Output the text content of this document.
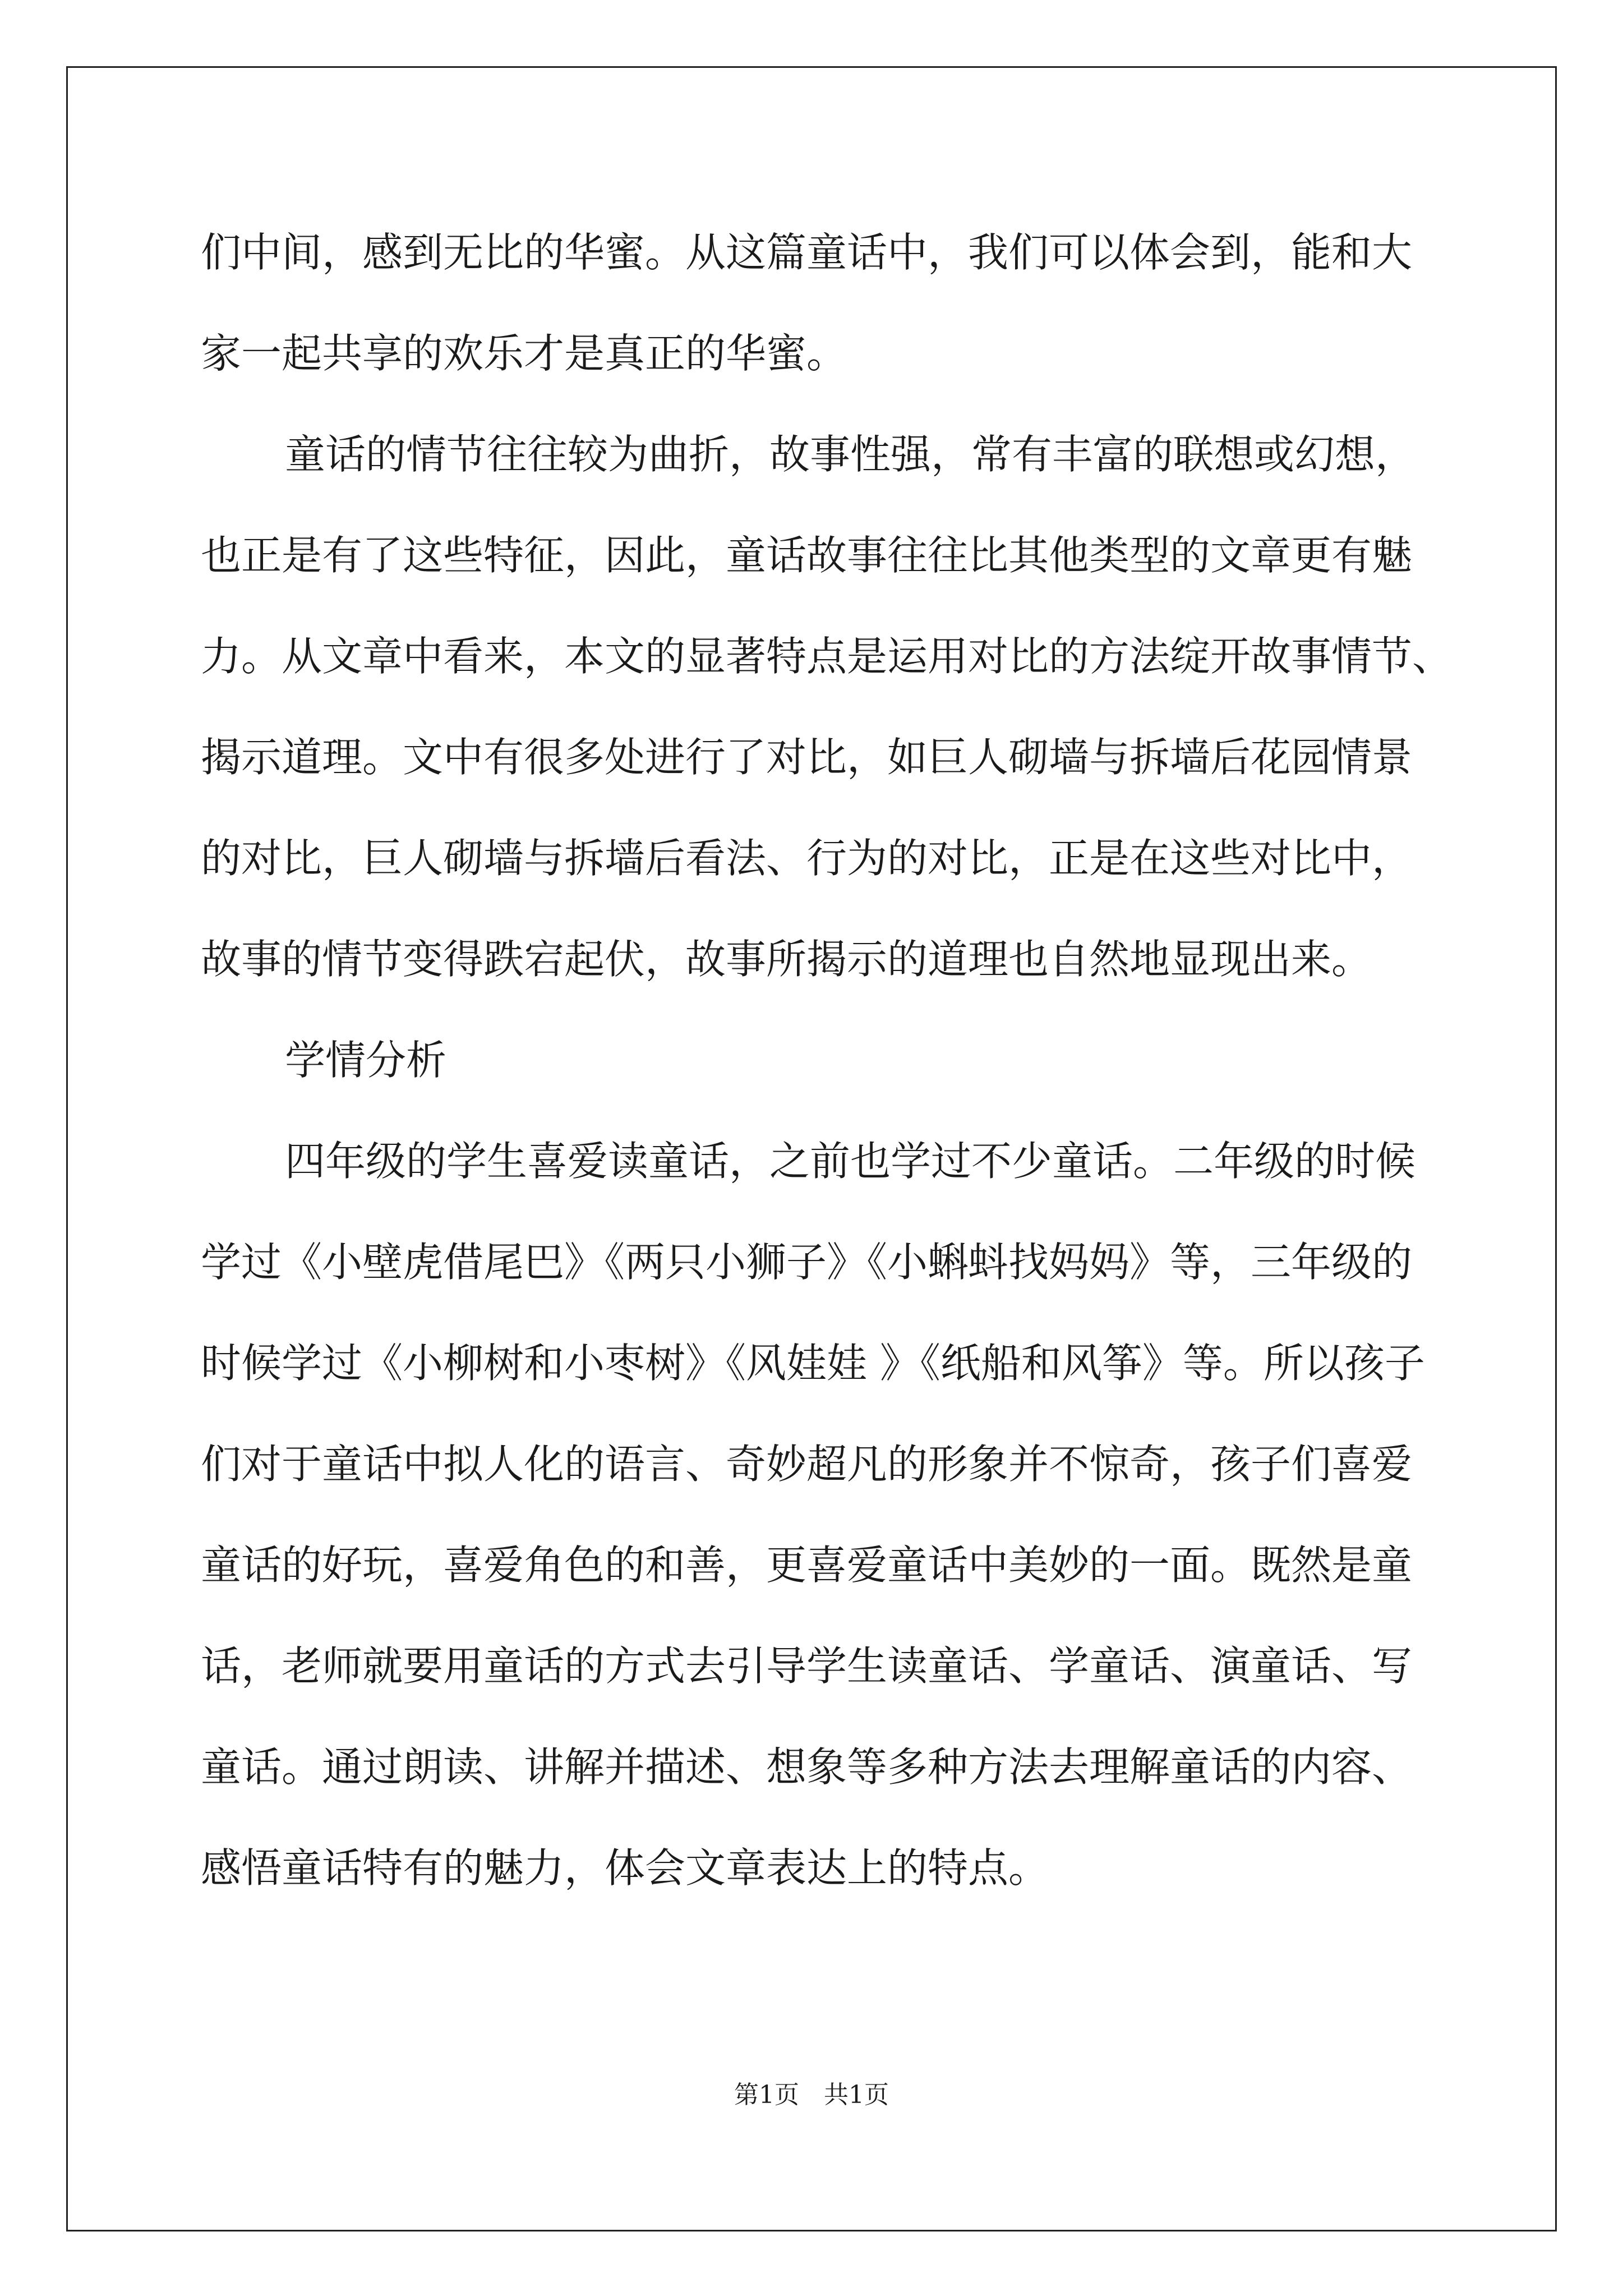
们中间，感到无比的华蜜。从这篇童话中，我们可以体会到，能和大
家一起共享的欢乐才是真正的华蜜。
童话的情节往往较为曲折，故事性强，常有丰富的联想或幻想，
也正是有了这些特征，因此，童话故事往往比其他类型的文章更有魅
力。从文章中看来，本文的显著特点是运用对比的方法绽开故事情节、
揭示道理。文中有很多处进行了对比，如巨人砌墙与拆墙后花园情景
的对比，巨人砌墙与拆墙后看法、行为的对比，正是在这些对比中，
故事的情节变得跌宕起伏，故事所揭示的道理也自然地显现出来。
学情分析
四年级的学生喜爱读童话，之前也学过不少童话。二年级的时候
学过《小壁虎借尾巴》《两只小狮子》《小蝌蚪找妈妈》等，三年级的
时候学过《小柳树和小枣树》《风娃娃 》《纸船和风筝》等。所以孩子
们对于童话中拟人化的语言、奇妙超凡的形象并不惊奇，孩子们喜爱
童话的好玩，喜爱角色的和善，更喜爱童话中美妙的一面。既然是童
话，老师就要用童话的方式去引导学生读童话、学童话、演童话、写
童话。通过朗读、讲解并描述、想象等多种方法去理解童话的内容、
感悟童话特有的魅力，体会文章表达上的特点。
第1页　共1页
